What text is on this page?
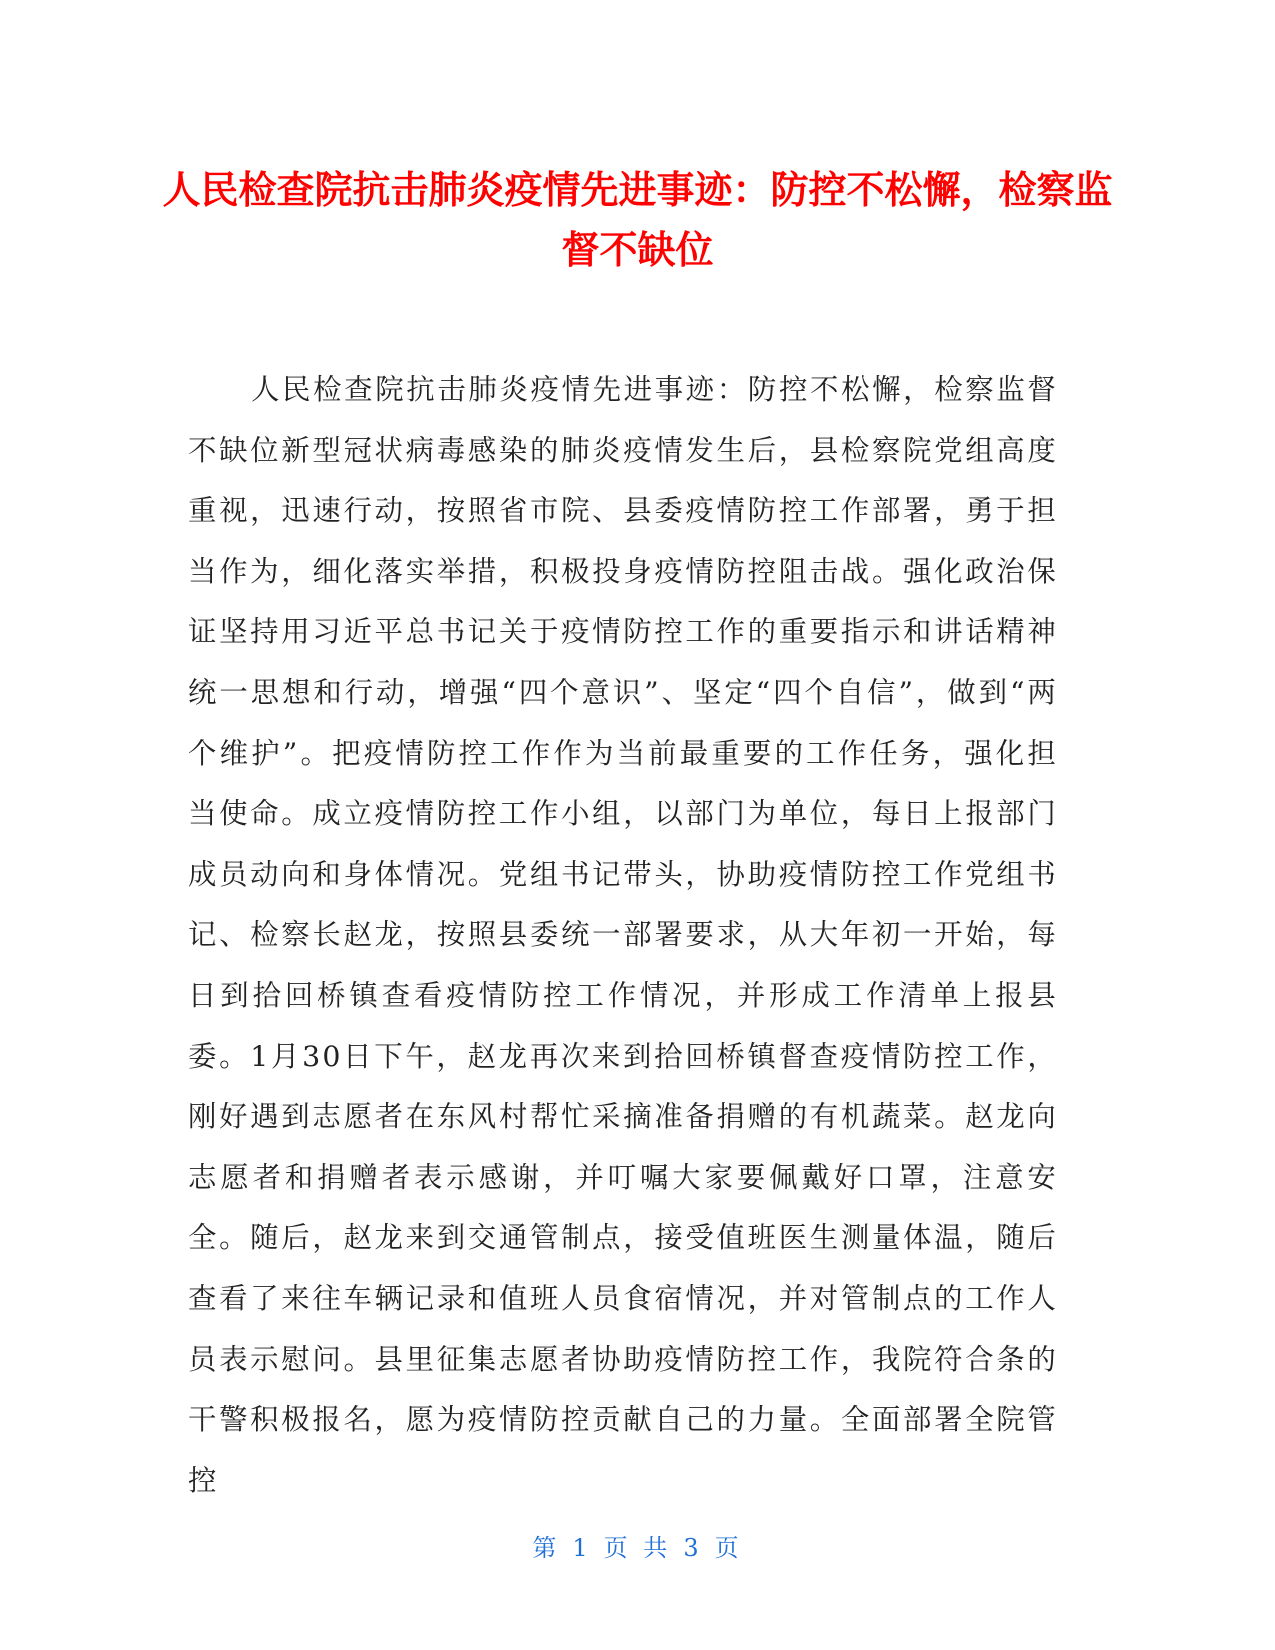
人民检查院抗击肺炎疫情先进事迹：防控不松懈，检察监督不缺位

人民检查院抗击肺炎疫情先进事迹：防控不松懈，检察监督不缺位新型冠状病毒感染的肺炎疫情发生后，县检察院党组高度重视，迅速行动，按照省市院、县委疫情防控工作部署，勇于担当作为，细化落实举措，积极投身疫情防控阻击战。强化政治保证坚持用习近平总书记关于疫情防控工作的重要指示和讲话精神统一思想和行动，增强“四个意识”、坚定“四个自信”，做到“两个维护”。把疫情防控工作作为当前最重要的工作任务，强化担当使命。成立疫情防控工作小组，以部门为单位，每日上报部门成员动向和身体情况。党组书记带头，协助疫情防控工作党组书记、检察长赵龙，按照县委统一部署要求，从大年初一开始，每日到拾回桥镇查看疫情防控工作情况，并形成工作清单上报县委。1月30日下午，赵龙再次来到拾回桥镇督查疫情防控工作，刚好遇到志愿者在东风村帮忙采摘准备捐赠的有机蔬菜。赵龙向志愿者和捐赠者表示感谢，并叮嘱大家要佩戴好口罩，注意安全。随后，赵龙来到交通管制点，接受值班医生测量体温，随后查看了来往车辆记录和值班人员食宿情况，并对管制点的工作人员表示慰问。县里征集志愿者协助疫情防控工作，我院符合条的干警积极报名，愿为疫情防控贡献自己的力量。全面部署全院管控

第 1 页 共 3 页
